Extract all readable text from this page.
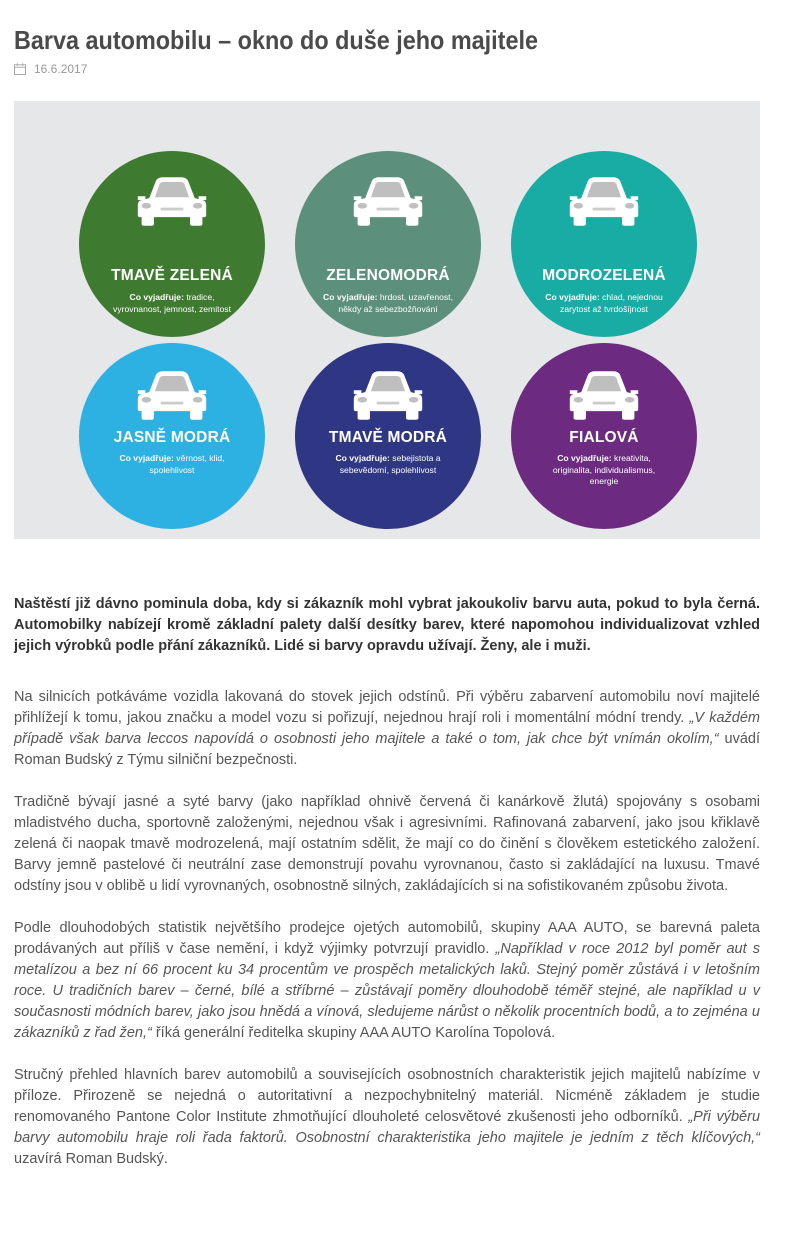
Barva automobilu – okno do duše jeho majitele
16.6.2017
TMAVĚ ZELENÁ
Co vyjadřuje: tradice, vyrovnanost, jemnost, zemitost
ZELENOMODRÁ
Co vyjadřuje: hrdost, uzavřenost, někdy až sebezbožňování
MODROZELENÁ
Co vyjadřuje: chlad, nejednou zarytost až tvrdošíjnost
JASNĚ MODRÁ
Co vyjadřuje: věrnost, klid, spolehlivost
TMAVĚ MODRÁ
Co vyjadřuje: sebejistota a sebevědomí, spolehlivost
FIALOVÁ
Co vyjadřuje: kreativita, originalita, individualismus, energie

Naštěstí již dávno pominula doba, kdy si zákazník mohl vybrat jakoukoliv barvu auta, pokud to byla černá. Automobilky nabízejí kromě základní palety další desítky barev, které napomohou individualizovat vzhled jejich výrobků podle přání zákazníků. Lidé si barvy opravdu užívají. Ženy, ale i muži.

Na silnicích potkáváme vozidla lakovaná do stovek jejich odstínů. Při výběru zabarvení automobilu noví majitelé přihlížejí k tomu, jakou značku a model vozu si pořizují, nejednou hrají roli i momentální módní trendy. „V každém případě však barva leccos napovídá o osobnosti jeho majitele a také o tom, jak chce být vnímán okolím,“ uvádí Roman Budský z Týmu silniční bezpečnosti.

Tradičně bývají jasné a syté barvy (jako například ohnivě červená či kanárkově žlutá) spojovány s osobami mladistvého ducha, sportovně založenými, nejednou však i agresivními. Rafinovaná zabarvení, jako jsou křiklavě zelená či naopak tmavě modrozelená, mají ostatním sdělit, že mají co do činění s člověkem estetického založení. Barvy jemně pastelové či neutrální zase demonstrují povahu vyrovnanou, často si zakládající na luxusu. Tmavé odstíny jsou v oblibě u lidí vyrovnaných, osobnostně silných, zakládajících si na sofistikovaném způsobu života.

Podle dlouhodobých statistik největšího prodejce ojetých automobilů, skupiny AAA AUTO, se barevná paleta prodávaných aut příliš v čase nemění, i když výjimky potvrzují pravidlo. „Například v roce 2012 byl poměr aut s metalízou a bez ní 66 procent ku 34 procentům ve prospěch metalických laků. Stejný poměr zůstává i v letošním roce. U tradičních barev – černé, bílé a stříbrné – zůstávají poměry dlouhodobě téměř stejné, ale například u v současnosti módních barev, jako jsou hnědá a vínová, sledujeme nárůst o několik procentních bodů, a to zejména u zákazníků z řad žen,“ říká generální ředitelka skupiny AAA AUTO Karolína Topolová.

Stručný přehled hlavních barev automobilů a souvisejících osobnostních charakteristik jejich majitelů nabízíme v příloze. Přirozeně se nejedná o autoritativní a nezpochybnitelný materiál. Nicméně základem je studie renomovaného Pantone Color Institute zhmotňující dlouholeté celosvětové zkušenosti jeho odborníků. „Při výběru barvy automobilu hraje roli řada faktorů. Osobnostní charakteristika jeho majitele je jedním z těch klíčových,“ uzavírá Roman Budský.
